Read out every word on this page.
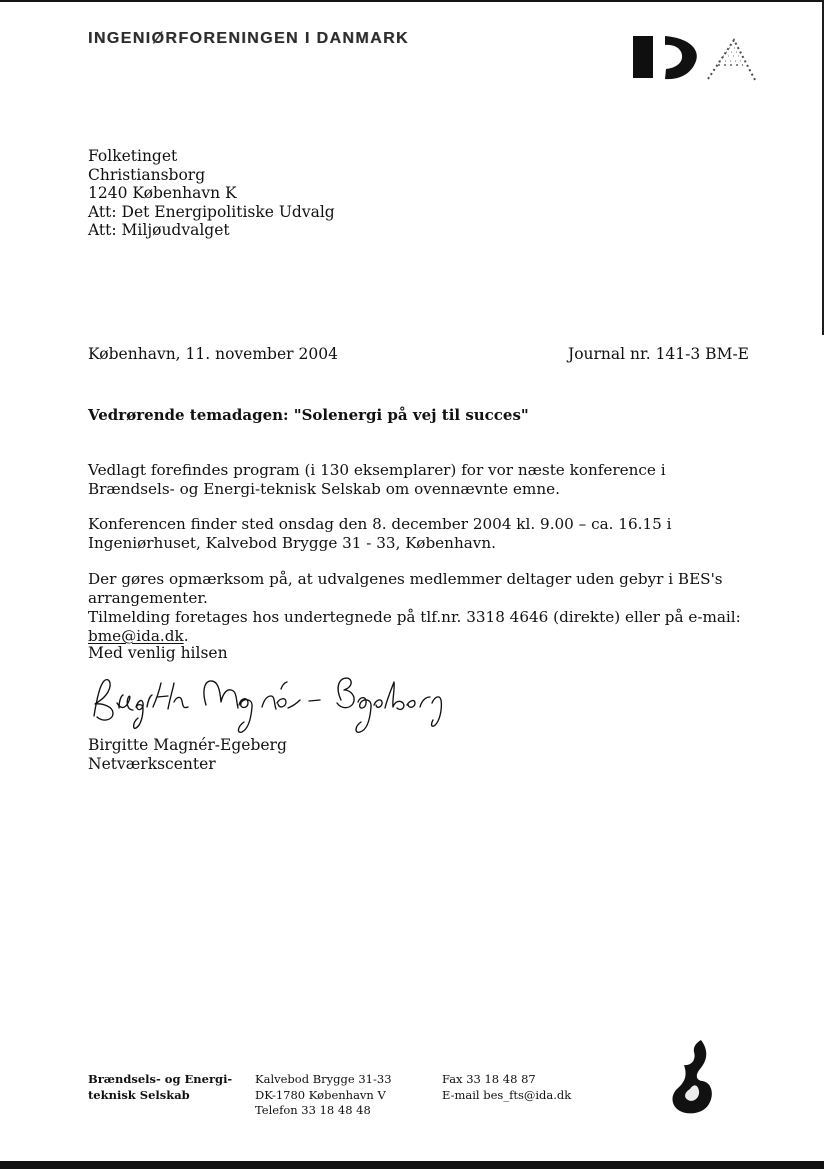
INGENIØRFORENINGEN I DANMARK
Folketinget
Christiansborg
1240 København K
Att: Det Energipolitiske Udvalg
Att: Miljøudvalget
København, 11. november 2004	Journal nr. 141-3 BM-E
Vedrørende temadagen: "Solenergi på vej til succes"
Vedlagt forefindes program (i 130 eksemplarer) for vor næste konference i Brændsels- og Energi-teknisk Selskab om ovennævnte emne.
Konferencen finder sted onsdag den 8. december 2004 kl. 9.00 – ca. 16.15 i Ingeniørhuset, Kalvebod Brygge 31 - 33, København.
Der gøres opmærksom på, at udvalgenes medlemmer deltager uden gebyr i BES's arrangementer.
Tilmelding foretages hos undertegnede på tlf.nr. 3318 4646 (direkte) eller på e-mail: bme@ida.dk.
Med venlig hilsen
Birgitte Magnér-Egeberg
Netværkscenter
Brændsels- og Energi-
teknisk Selskab
Kalvebod Brygge 31-33
DK-1780 København V
Telefon 33 18 48 48
Fax 33 18 48 87
E-mail bes_fts@ida.dk
